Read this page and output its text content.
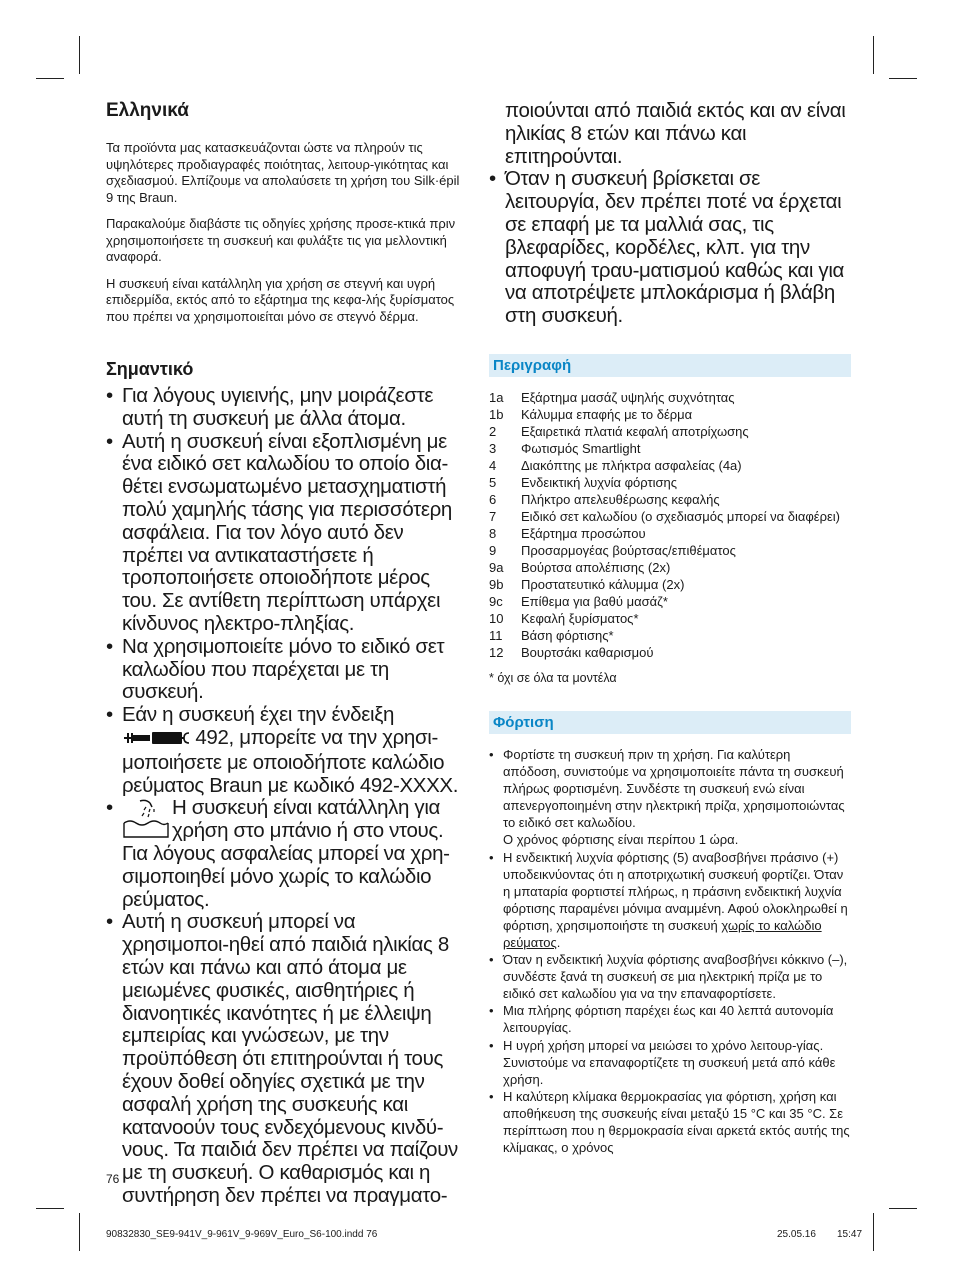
Ελληνικά

Τα προϊόντα μας κατασκευάζονται ώστε να πληρούν τις υψηλότερες προδιαγραφές ποιότητας, λειτουρ-γικότητας και σχεδιασμού. Ελπίζουμε να απολαύσετε τη χρήση του Silk·épil 9 της Braun.

Παρακαλούμε διαβάστε τις οδηγίες χρήσης προσε-κτικά πριν χρησιμοποιήσετε τη συσκευή και φυλάξτε τις για μελλοντική αναφορά.

Η συσκευή είναι κατάλληλη για χρήση σε στεγνή και υγρή επιδερμίδα, εκτός από το εξάρτημα της κεφα-λής ξυρίσματος που πρέπει να χρησιμοποιείται μόνο σε στεγνό δέρμα.

Σημαντικό
• Για λόγους υγιεινής, μην μοιράζεστε αυτή τη συσκευή με άλλα άτομα.
• Αυτή η συσκευή είναι εξοπλισμένη με ένα ειδικό σετ καλωδίου το οποίο δια-θέτει ενσωματωμένο μετασχηματιστή πολύ χαμηλής τάσης για περισσότερη ασφάλεια. Για τον λόγο αυτό δεν πρέπει να αντικαταστήσετε ή τροποποιήσετε οποιοδήποτε μέρος του. Σε αντίθετη περίπτωση υπάρχει κίνδυνος ηλεκτρο-πληξίας.
• Να χρησιμοποιείτε μόνο το ειδικό σετ καλωδίου που παρέχεται με τη συσκευή.
• Εάν η συσκευή έχει την ένδειξη
492, μπορείτε να την χρησι- μοποιήσετε με οποιοδήποτε καλώδιο ρεύματος Braun με κωδικό 492-XXXX.
• Η συσκευή είναι κατάλληλη για
χρήση στο μπάνιο ή στο ντους.
Για λόγους ασφαλείας μπορεί να χρη-σιμοποιηθεί μόνο χωρίς το καλώδιο ρεύματος.
• Αυτή η συσκευή μπορεί να χρησιμοποι-ηθεί από παιδιά ηλικίας 8 ετών και πάνω και από άτομα με μειωμένες φυσικές, αισθητήριες ή διανοητικές ικανότητες ή με έλλειψη εμπειρίας και γνώσεων, με την προϋπόθεση ότι επιτηρούνται ή τους έχουν δοθεί οδηγίες σχετικά με την ασφαλή χρήση της συσκευής και κατανοούν τους ενδεχόμενους κινδύ-νους. Τα παιδιά δεν πρέπει να παίζουν με τη συσκευή. Ο καθαρισμός και η συντήρηση δεν πρέπει να πραγματο-
ποιούνται από παιδιά εκτός και αν είναι ηλικίας 8 ετών και πάνω και επιτηρούνται.
• Όταν η συσκευή βρίσκεται σε λειτουργία, δεν πρέπει ποτέ να έρχεται σε επαφή με τα μαλλιά σας, τις βλεφαρίδες, κορδέλες, κλπ. για την αποφυγή τραυ-ματισμού καθώς και για να αποτρέψετε μπλοκάρισμα ή βλάβη στη συσκευή.
Περιγραφή
1a	Εξάρτημα μασάζ υψηλής συχνότητας
1b	Κάλυμμα επαφής με το δέρμα
2	Εξαιρετικά πλατιά κεφαλή αποτρίχωσης
3	Φωτισμός Smartlight
4	Διακόπτης με πλήκτρα ασφαλείας (4a)
5	Ενδεικτική λυχνία φόρτισης
6	Πλήκτρο απελευθέρωσης κεφαλής
7	Ειδικό σετ καλωδίου (ο σχεδιασμός μπορεί να διαφέρει)
8	Εξάρτημα προσώπου
9	Προσαρμογέας βούρτσας/επιθέματος
9a	Βούρτσα απολέπισης (2x)
9b	Προστατευτικό κάλυμμα (2x)
9c	Επίθεμα για βαθύ μασάζ*
10	Κεφαλή ξυρίσματος*
11	Βάση φόρτισης*
12	Βουρτσάκι καθαρισμού
* όχι σε όλα τα μοντέλα
Φόρτιση
• Φορτίστε τη συσκευή πριν τη χρήση. Για καλύτερη απόδοση, συνιστούμε να χρησιμοποιείτε πάντα τη συσκευή πλήρως φορτισμένη. Συνδέστε τη συσκευή ενώ είναι απενεργοποιημένη στην ηλεκτρική πρίζα, χρησιμοποιώντας το ειδικό σετ καλωδίου.
Ο χρόνος φόρτισης είναι περίπου 1 ώρα.
• Η ενδεικτική λυχνία φόρτισης (5) αναβοσβήνει πράσινο (+) υποδεικνύοντας ότι η αποτριχωτική συσκευή φορτίζει. Όταν η μπαταρία φορτιστεί πλήρως, η πράσινη ενδεικτική λυχνία φόρτισης παραμένει μόνιμα αναμμένη. Αφού ολοκληρωθεί η φόρτιση, χρησιμοποιήστε τη συσκευή χωρίς το καλώδιο ρεύματος.
• Όταν η ενδεικτική λυχνία φόρτισης αναβοσβήνει κόκκινο (–), συνδέστε ξανά τη συσκευή σε μια ηλεκτρική πρίζα με το ειδικό σετ καλωδίου για να την επαναφορτίσετε.
• Μια πλήρης φόρτιση παρέχει έως και 40 λεπτά αυτονομία λειτουργίας.
• Η υγρή χρήση μπορεί να μειώσει το χρόνο λειτουρ-γίας. Συνιστούμε να επαναφορτίζετε τη συσκευή μετά από κάθε χρήση.
• Η καλύτερη κλίμακα θερμοκρασίας για φόρτιση, χρήση και αποθήκευση της συσκευής είναι μεταξύ 15 °C και 35 °C. Σε περίπτωση που η θερμοκρασία είναι αρκετά εκτός αυτής της κλίμακας, ο χρόνος
76
90832830_SE9-941V_9-961V_9-969V_Euro_S6-100.indd 76	25.05.16 15:47
